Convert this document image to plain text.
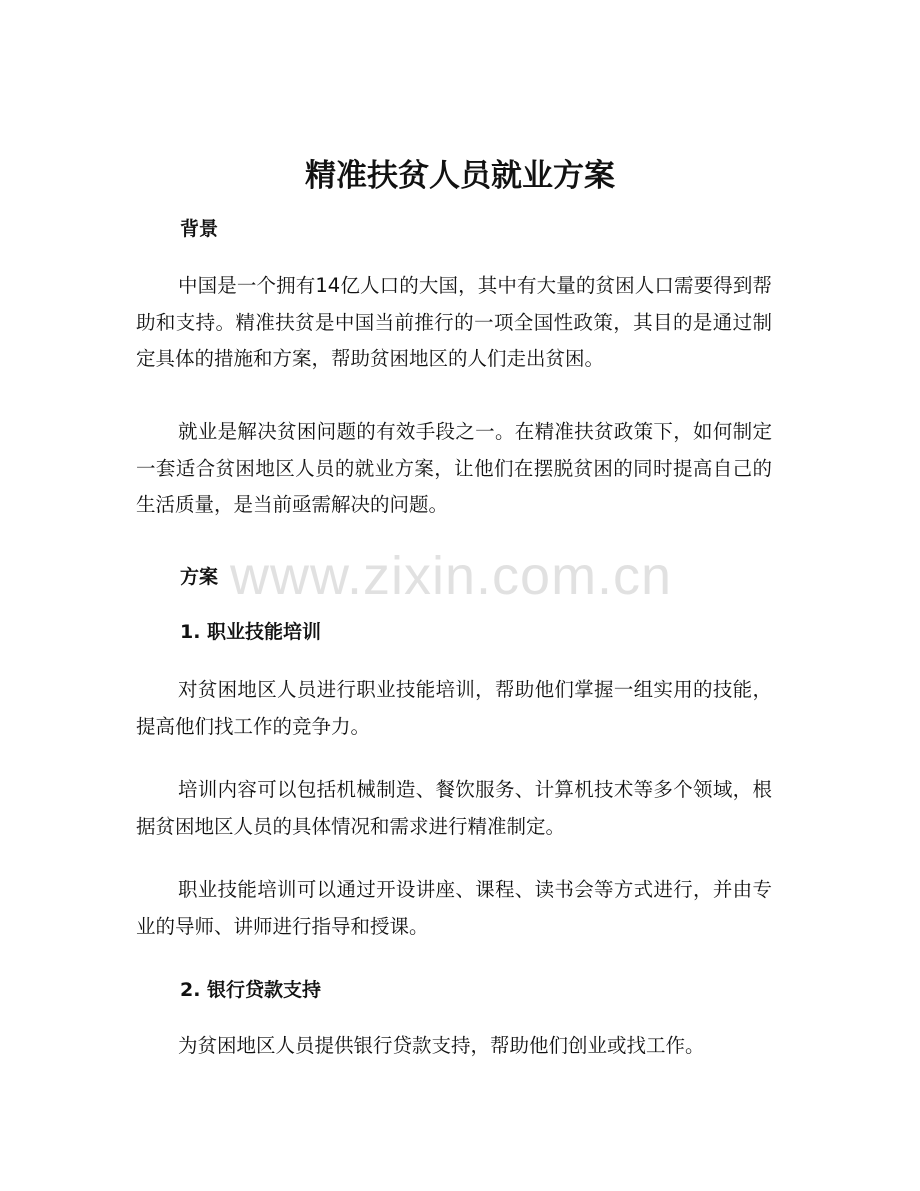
精准扶贫人员就业方案
背景

中国是一个拥有14亿人口的大国，其中有大量的贫困人口需要得到帮助和支持。精准扶贫是中国当前推行的一项全国性政策，其目的是通过制定具体的措施和方案，帮助贫困地区的人们走出贫困。

就业是解决贫困问题的有效手段之一。在精准扶贫政策下，如何制定一套适合贫困地区人员的就业方案，让他们在摆脱贫困的同时提高自己的生活质量，是当前亟需解决的问题。

方案 www.zixin.com.cn
1. 职业技能培训

对贫困地区人员进行职业技能培训，帮助他们掌握一组实用的技能，提高他们找工作的竞争力。

培训内容可以包括机械制造、餐饮服务、计算机技术等多个领域，根据贫困地区人员的具体情况和需求进行精准制定。

职业技能培训可以通过开设讲座、课程、读书会等方式进行，并由专业的导师、讲师进行指导和授课。

2. 银行贷款支持

为贫困地区人员提供银行贷款支持，帮助他们创业或找工作。
